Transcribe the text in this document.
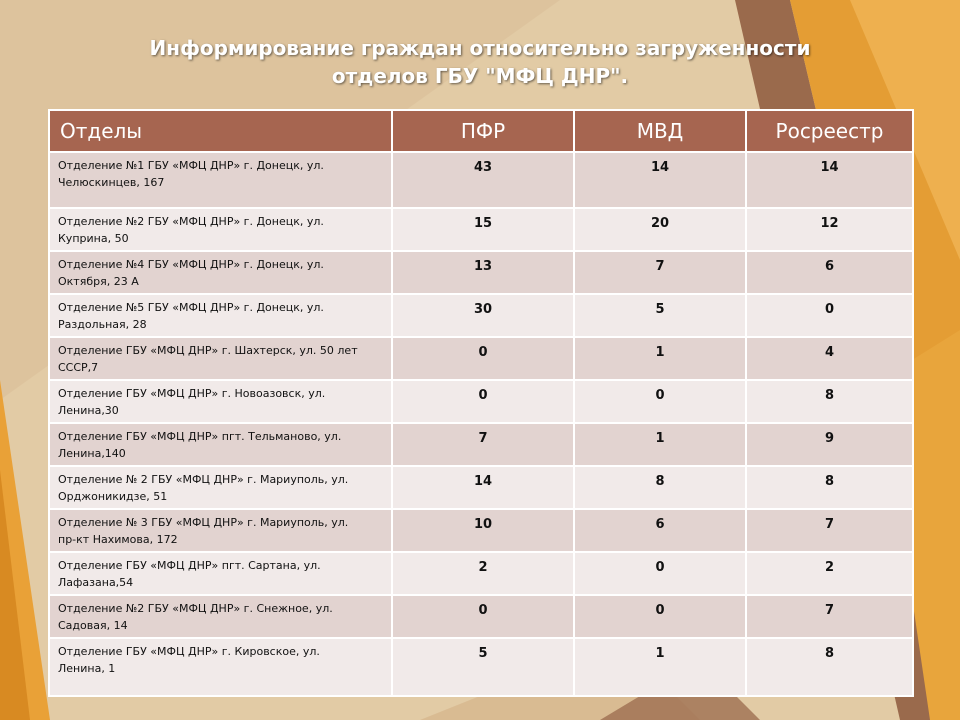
Информирование граждан относительно загруженности
отделов ГБУ "МФЦ ДНР".
Отделы	ПФР	МВД	Росреестр
Отделение №1 ГБУ «МФЦ ДНР» г. Донецк, ул.
Челюскинцев, 167	43	14	14
Отделение №2 ГБУ «МФЦ ДНР» г. Донецк, ул.
Куприна, 50	15	20	12
Отделение №4 ГБУ «МФЦ ДНР» г. Донецк, ул.
Октября, 23 А	13	7	6
Отделение №5 ГБУ «МФЦ ДНР» г. Донецк, ул.
Раздольная, 28	30	5	0
Отделение ГБУ «МФЦ ДНР» г. Шахтерск, ул. 50 лет
СССР,7	0	1	4
Отделение ГБУ «МФЦ ДНР» г. Новоазовск, ул.
Ленина,30	0	0	8
Отделение ГБУ «МФЦ ДНР» пгт. Тельманово, ул.
Ленина,140	7	1	9
Отделение № 2 ГБУ «МФЦ ДНР» г. Мариуполь, ул.
Орджоникидзе, 51	14	8	8
Отделение № 3 ГБУ «МФЦ ДНР» г. Мариуполь, ул.
пр-кт Нахимова, 172	10	6	7
Отделение ГБУ «МФЦ ДНР» пгт. Сартана, ул.
Лафазана,54	2	0	2
Отделение №2 ГБУ «МФЦ ДНР» г. Снежное, ул.
Садовая, 14	0	0	7
Отделение ГБУ «МФЦ ДНР» г. Кировское, ул.
Ленина, 1	5	1	8
